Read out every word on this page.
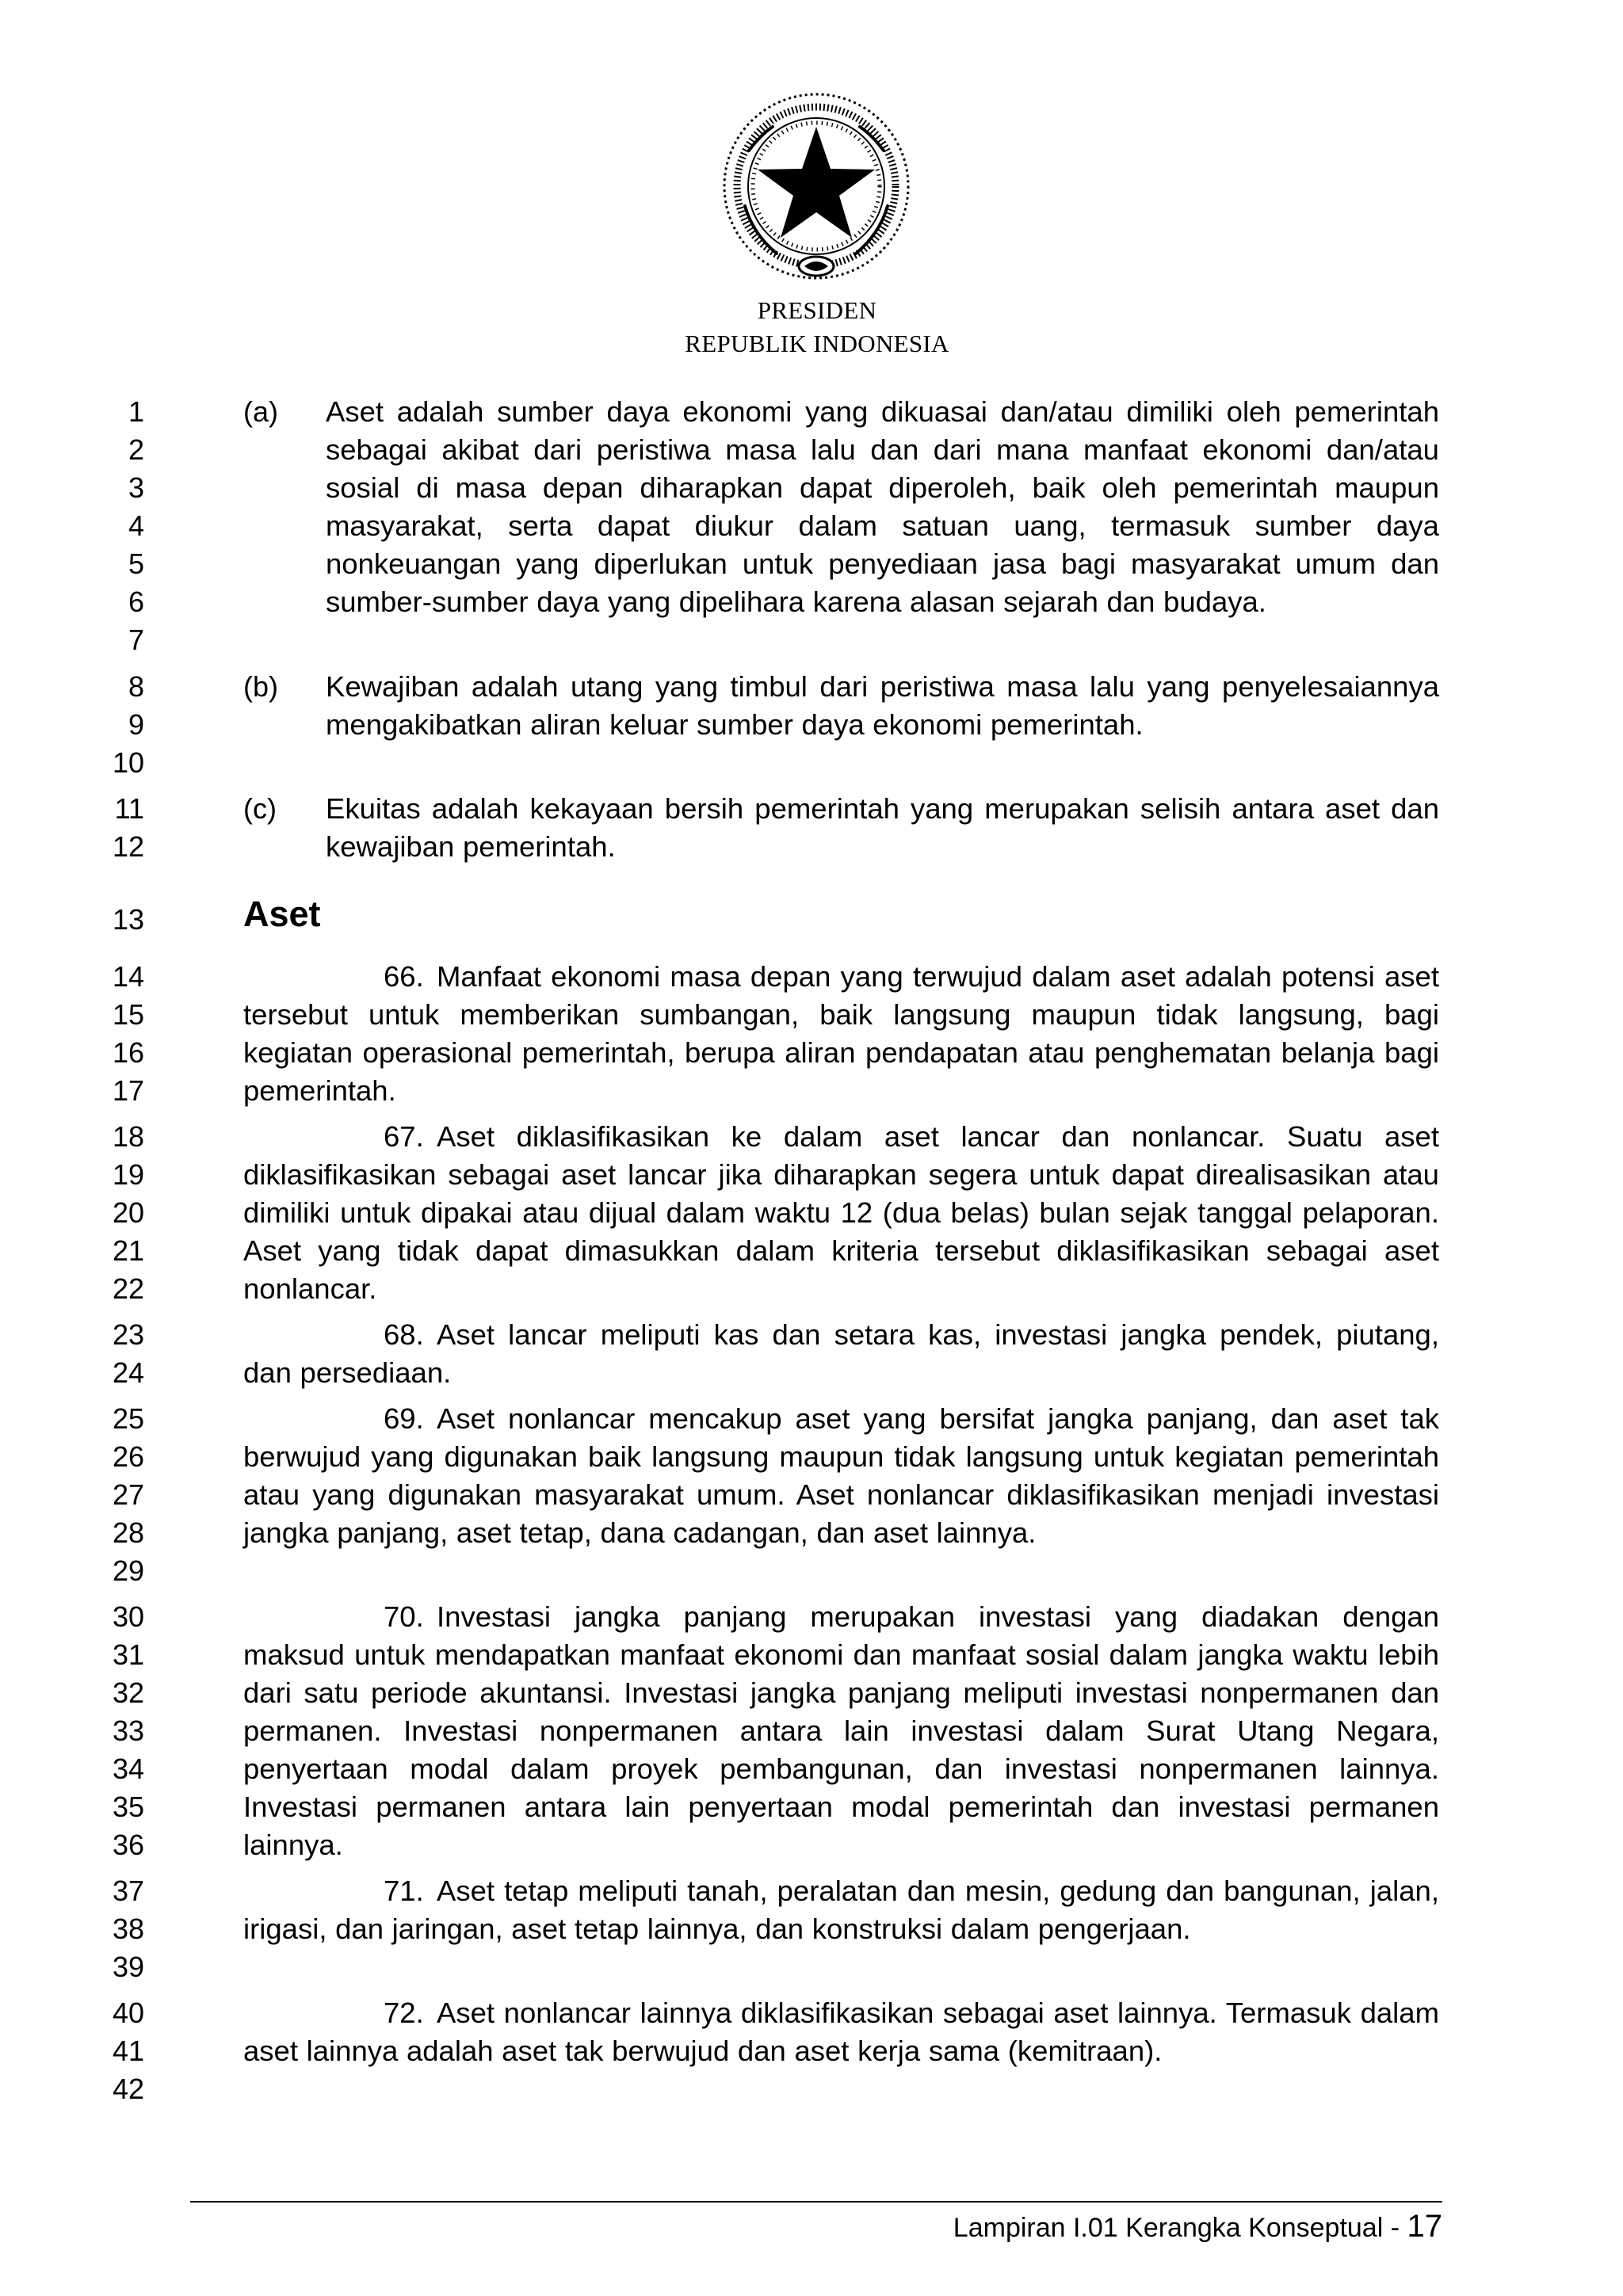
PRESIDEN
REPUBLIK INDONESIA
1
2
3
4
5
6
7
8
9
10
11
12
13
14
15
16
17
18
19
20
21
22
23
24
25
26
27
28
29
30
31
32
33
34
35
36
37
38
39
40
41
42
(a) Aset adalah sumber daya ekonomi yang dikuasai dan/atau dimiliki oleh pemerintah sebagai akibat dari peristiwa masa lalu dan dari mana manfaat ekonomi dan/atau sosial di masa depan diharapkan dapat diperoleh, baik oleh pemerintah maupun masyarakat, serta dapat diukur dalam satuan uang, termasuk sumber daya nonkeuangan yang diperlukan untuk penyediaan jasa bagi masyarakat umum dan sumber-sumber daya yang dipelihara karena alasan sejarah dan budaya.
(b) Kewajiban adalah utang yang timbul dari peristiwa masa lalu yang penyelesaiannya mengakibatkan aliran keluar sumber daya ekonomi pemerintah.
(c) Ekuitas adalah kekayaan bersih pemerintah yang merupakan selisih antara aset dan kewajiban pemerintah.
Aset
66. Manfaat ekonomi masa depan yang terwujud dalam aset adalah potensi aset tersebut untuk memberikan sumbangan, baik langsung maupun tidak langsung, bagi kegiatan operasional pemerintah, berupa aliran pendapatan atau penghematan belanja bagi pemerintah.
67. Aset diklasifikasikan ke dalam aset lancar dan nonlancar. Suatu aset diklasifikasikan sebagai aset lancar jika diharapkan segera untuk dapat direalisasikan atau dimiliki untuk dipakai atau dijual dalam waktu 12 (dua belas) bulan sejak tanggal pelaporan. Aset yang tidak dapat dimasukkan dalam kriteria tersebut diklasifikasikan sebagai aset nonlancar.
68. Aset lancar meliputi kas dan setara kas, investasi jangka pendek, piutang, dan persediaan.
69. Aset nonlancar mencakup aset yang bersifat jangka panjang, dan aset tak berwujud yang digunakan baik langsung maupun tidak langsung untuk kegiatan pemerintah atau yang digunakan masyarakat umum. Aset nonlancar diklasifikasikan menjadi investasi jangka panjang, aset tetap, dana cadangan, dan aset lainnya.
70. Investasi jangka panjang merupakan investasi yang diadakan dengan maksud untuk mendapatkan manfaat ekonomi dan manfaat sosial dalam jangka waktu lebih dari satu periode akuntansi. Investasi jangka panjang meliputi investasi nonpermanen dan permanen. Investasi nonpermanen antara lain investasi dalam Surat Utang Negara, penyertaan modal dalam proyek pembangunan, dan investasi nonpermanen lainnya. Investasi permanen antara lain penyertaan modal pemerintah dan investasi permanen lainnya.
71. Aset tetap meliputi tanah, peralatan dan mesin, gedung dan bangunan, jalan, irigasi, dan jaringan, aset tetap lainnya, dan konstruksi dalam pengerjaan.
72. Aset nonlancar lainnya diklasifikasikan sebagai aset lainnya. Termasuk dalam aset lainnya adalah aset tak berwujud dan aset kerja sama (kemitraan).
Lampiran I.01 Kerangka Konseptual - 17
